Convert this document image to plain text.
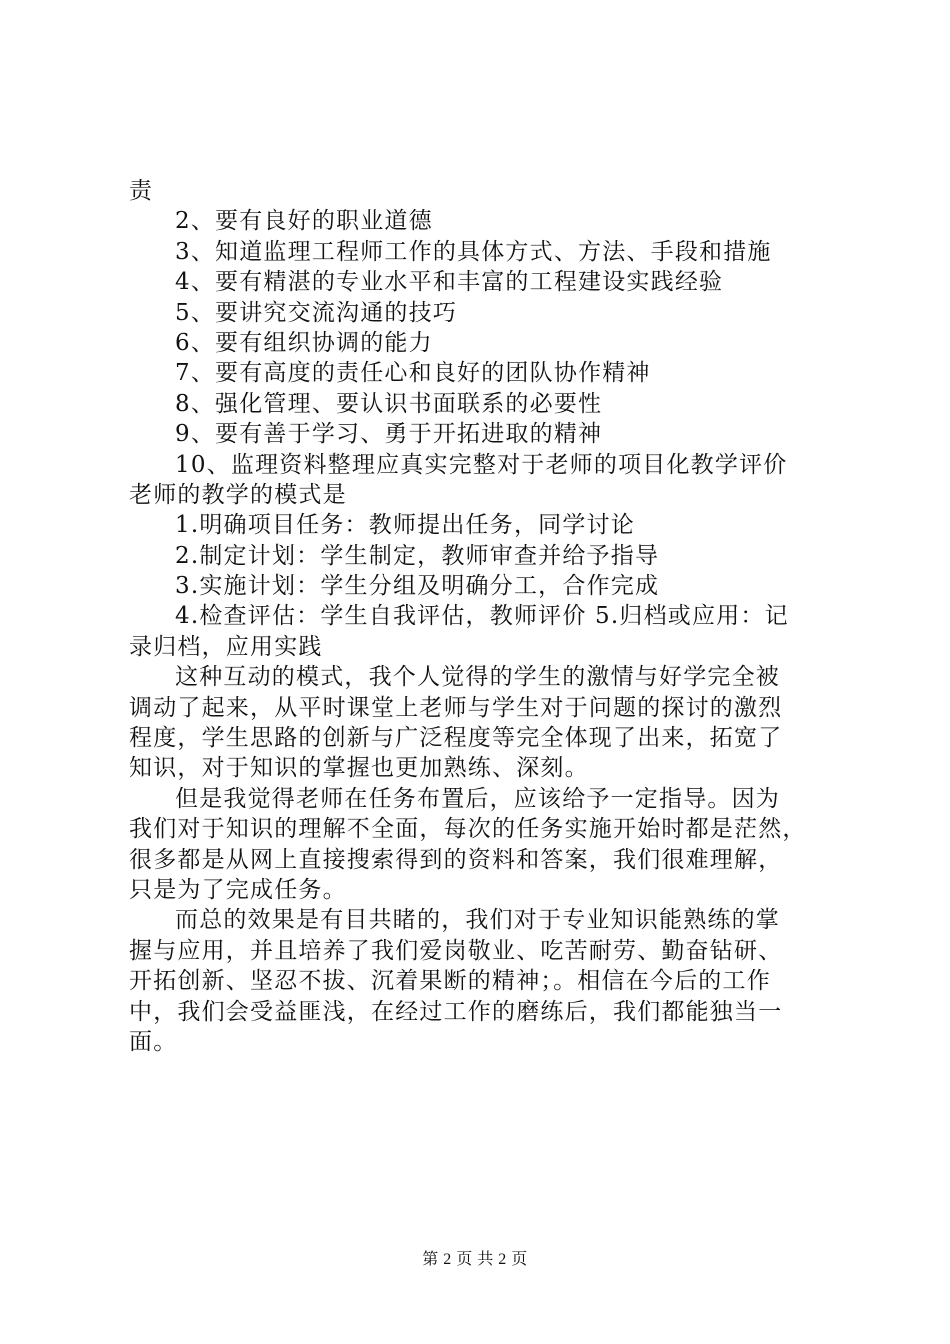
责
2、要有良好的职业道德
3、知道监理工程师工作的具体方式、方法、手段和措施
4、要有精湛的专业水平和丰富的工程建设实践经验
5、要讲究交流沟通的技巧
6、要有组织协调的能力
7、要有高度的责任心和良好的团队协作精神
8、强化管理、要认识书面联系的必要性
9、要有善于学习、勇于开拓进取的精神
10、监理资料整理应真实完整对于老师的项目化教学评价
老师的教学的模式是
1.明确项目任务：教师提出任务，同学讨论
2.制定计划：学生制定，教师审查并给予指导
3.实施计划：学生分组及明确分工，合作完成
4.检查评估：学生自我评估，教师评价 5.归档或应用：记
录归档，应用实践
这种互动的模式，我个人觉得的学生的激情与好学完全被
调动了起来，从平时课堂上老师与学生对于问题的探讨的激烈
程度，学生思路的创新与广泛程度等完全体现了出来，拓宽了
知识，对于知识的掌握也更加熟练、深刻。
但是我觉得老师在任务布置后，应该给予一定指导。因为
我们对于知识的理解不全面，每次的任务实施开始时都是茫然，
很多都是从网上直接搜索得到的资料和答案，我们很难理解，
只是为了完成任务。
而总的效果是有目共睹的，我们对于专业知识能熟练的掌
握与应用，并且培养了我们爱岗敬业、吃苦耐劳、勤奋钻研、
开拓创新、坚忍不拔、沉着果断的精神；。相信在今后的工作
中，我们会受益匪浅，在经过工作的磨练后，我们都能独当一
面。
第 2 页 共 2 页
